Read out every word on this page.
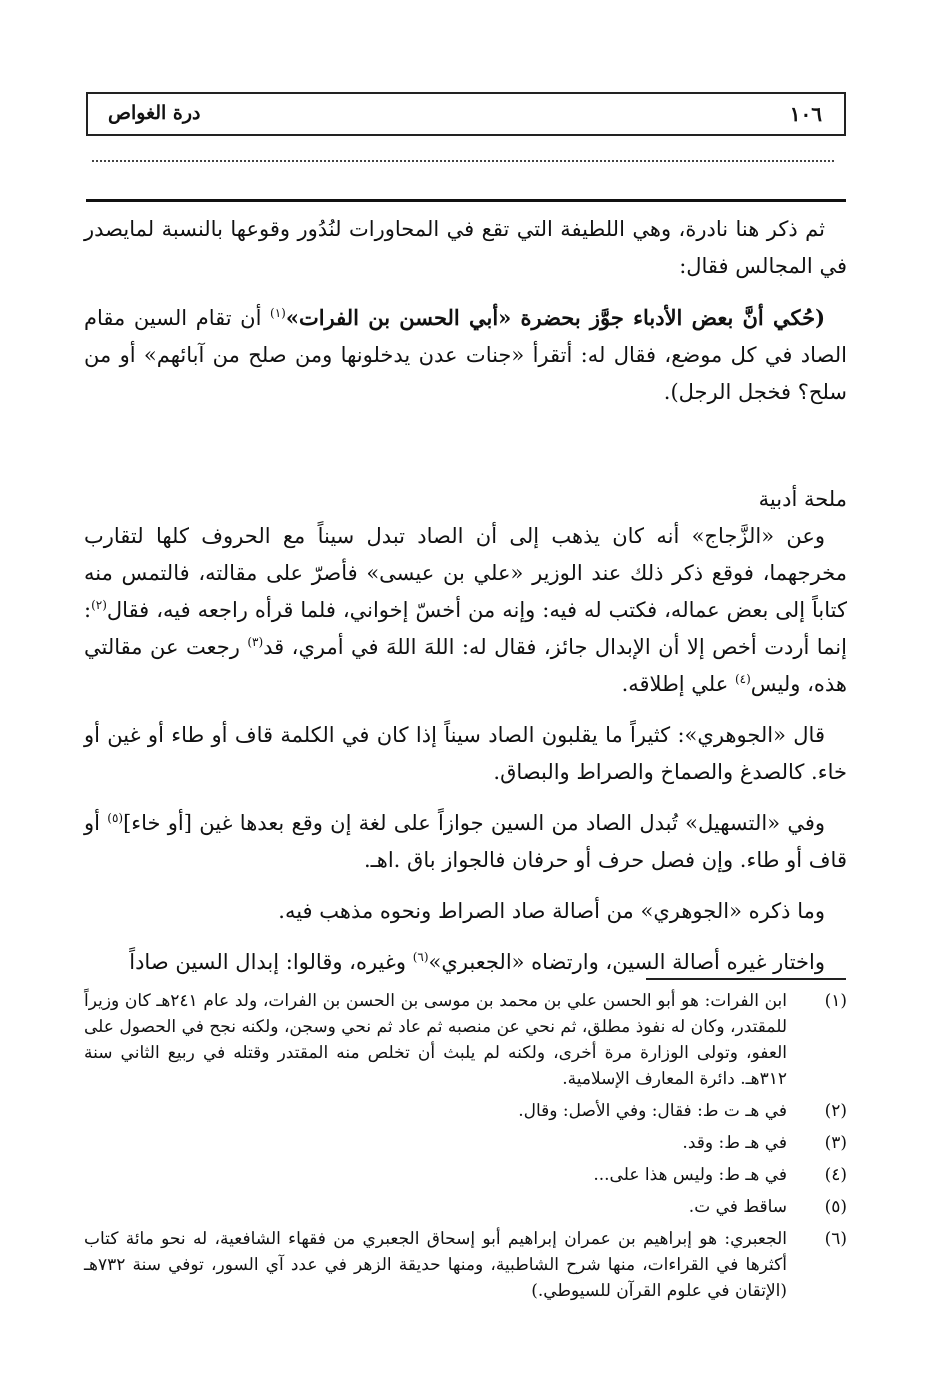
١٠٦
درة الغواص

ثم ذكر هنا نادرة، وهي اللطيفة التي تقع في المحاورات لنُدُور وقوعها بالنسبة لمايصدر في المجالس فقال:

(حُكي أنَّ بعض الأدباء جوَّز بحضرة «أبي الحسن بن الفرات»$^{(١)}$ أن تقام السين مقام الصاد في كل موضع، فقال له: أتقرأ «جنات عدن يدخلونها ومن صلح من آبائهم» أو من سلح؟ فخجل الرجل).

ملحة أدبية

وعن «الزَّجاج» أنه كان يذهب إلى أن الصاد تبدل سيناً مع الحروف كلها لتقارب مخرجهما، فوقع ذكر ذلك عند الوزير «علي بن عيسى» فأصرّ على مقالته، فالتمس منه كتاباً إلى بعض عماله، فكتب له فيه: وإنه من أخسّ إخواني، فلما قرأه راجعه فيه، فقال$^{(٢)}$: إنما أردت أخص إلا أن الإبدال جائز، فقال له: اللهَ اللهَ في أمري، قد$^{(٣)}$ رجعت عن مقالتي هذه، وليس$^{(٤)}$ علي إطلاقه.

قال «الجوهري»: كثيراً ما يقلبون الصاد سيناً إذا كان في الكلمة قاف أو طاء أو غين أو خاء. كالصدغ والصماخ والصراط والبصاق.

وفي «التسهيل» تُبدل الصاد من السين جوازاً على لغة إن وقع بعدها غين [أو خاء]$^{(٥)}$ أو قاف أو طاء. وإن فصل حرف أو حرفان فالجواز باق .اهـ.

وما ذكره «الجوهري» من أصالة صاد الصراط ونحوه مذهب فيه.

واختار غيره أصالة السين، وارتضاه «الجعبري»$^{(٦)}$ وغيره، وقالوا: إبدال السين صاداً

(١)
ابن الفرات: هو أبو الحسن علي بن محمد بن موسى بن الحسن بن الفرات، ولد عام ٢٤١هـ كان وزيراً للمقتدر، وكان له نفوذ مطلق، ثم نحي عن منصبه ثم عاد ثم نحي وسجن، ولكنه نجح في الحصول على العفو، وتولى الوزارة مرة أخرى، ولكنه لم يلبث أن تخلص منه المقتدر وقتله في ربيع الثاني سنة ٣١٢هـ. دائرة المعارف الإسلامية.
(٢)
في هـ ت ط: فقال: وفي الأصل: وقال.
(٣)
في هـ ط: وقد.
(٤)
في هـ ط: وليس هذا على...
(٥)
ساقط في ت.
(٦)
الجعبري: هو إبراهيم بن عمران إبراهيم أبو إسحاق الجعبري من فقهاء الشافعية، له نحو مائة كتاب أكثرها في القراءات، منها شرح الشاطبية، ومنها حديقة الزهر في عدد آي السور، توفي سنة ٧٣٢هـ (الإتقان في علوم القرآن للسيوطي.)
